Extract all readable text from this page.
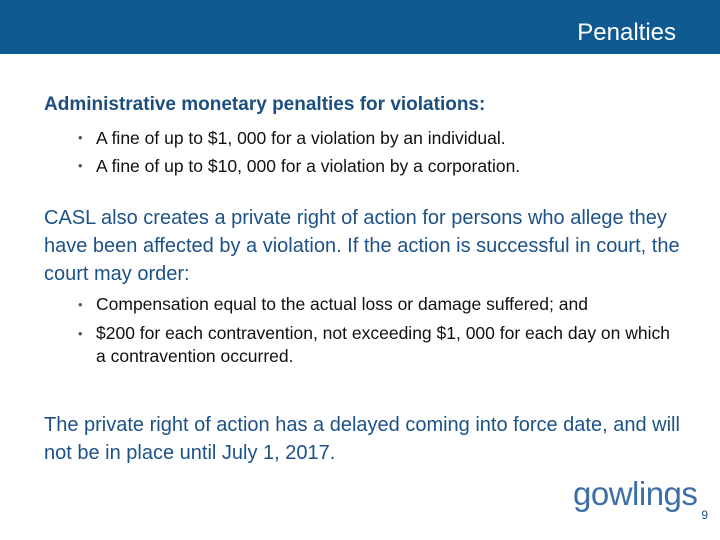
Penalties
Administrative monetary penalties for violations:
• A fine of up to $1, 000 for a violation by an individual.
• A fine of up to $10, 000 for a violation by a corporation.

CASL also creates a private right of action for persons who allege they have been affected by a violation. If the action is successful in court, the court may order:

• Compensation equal to the actual loss or damage suffered; and
• $200 for each contravention, not exceeding $1, 000 for each day on which a contravention occurred.

The private right of action has a delayed coming into force date, and will not be in place until July 1, 2017.

gowlings
9
